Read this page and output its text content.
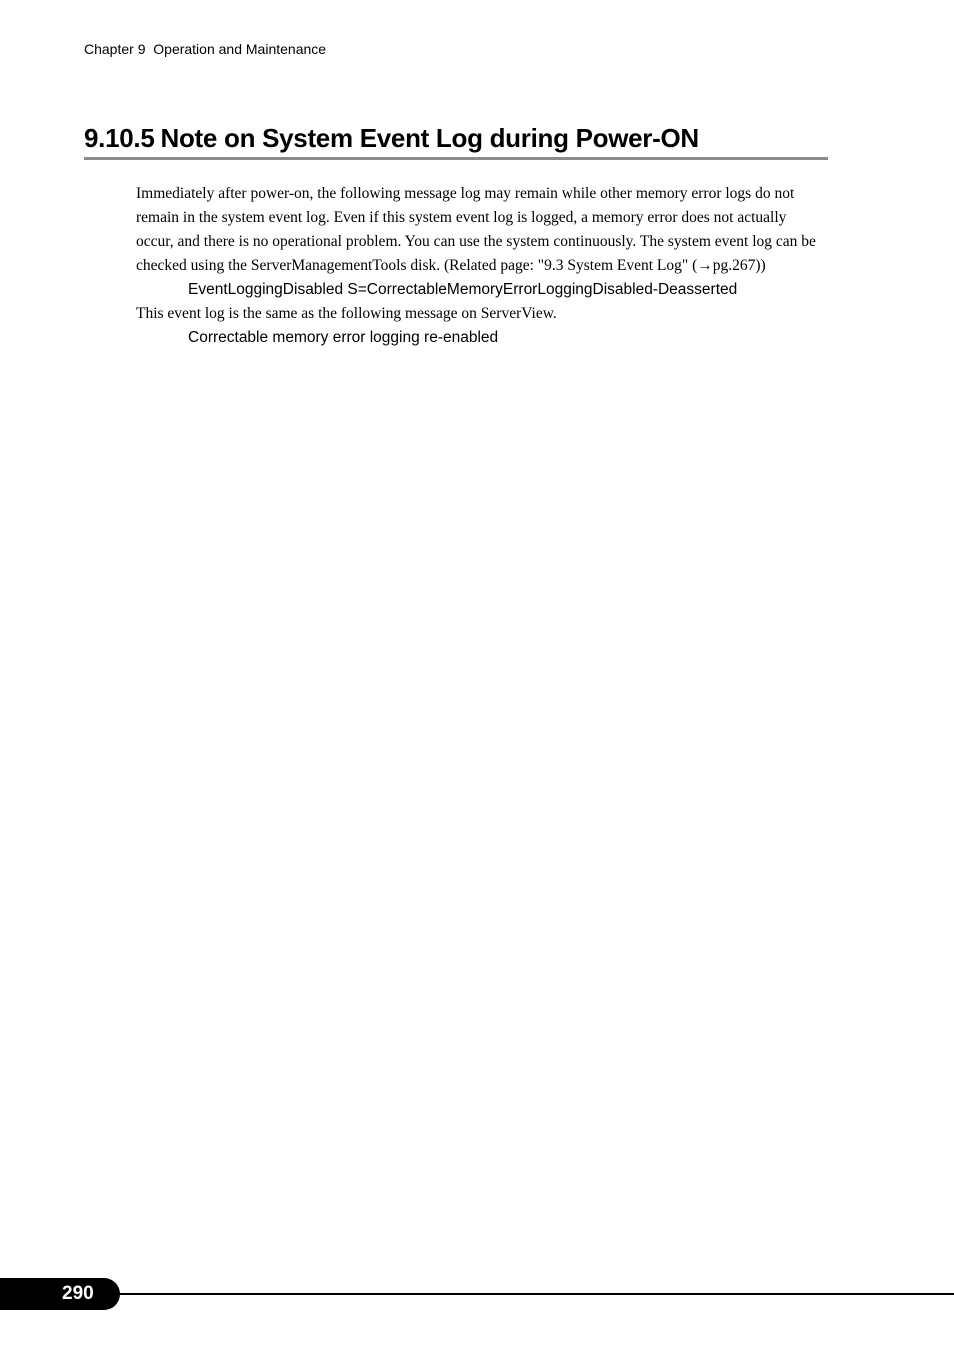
Chapter 9  Operation and Maintenance
9.10.5 Note on System Event Log during Power-ON

Immediately after power-on, the following message log may remain while other memory error logs do not remain in the system event log. Even if this system event log is logged, a memory error does not actually occur, and there is no operational problem. You can use the system continuously. The system event log can be checked using the ServerManagementTools disk. (Related page: "9.3 System Event Log" (→pg.267))

EventLoggingDisabled S=CorrectableMemoryErrorLoggingDisabled-Deasserted

This event log is the same as the following message on ServerView.

Correctable memory error logging re-enabled

290
